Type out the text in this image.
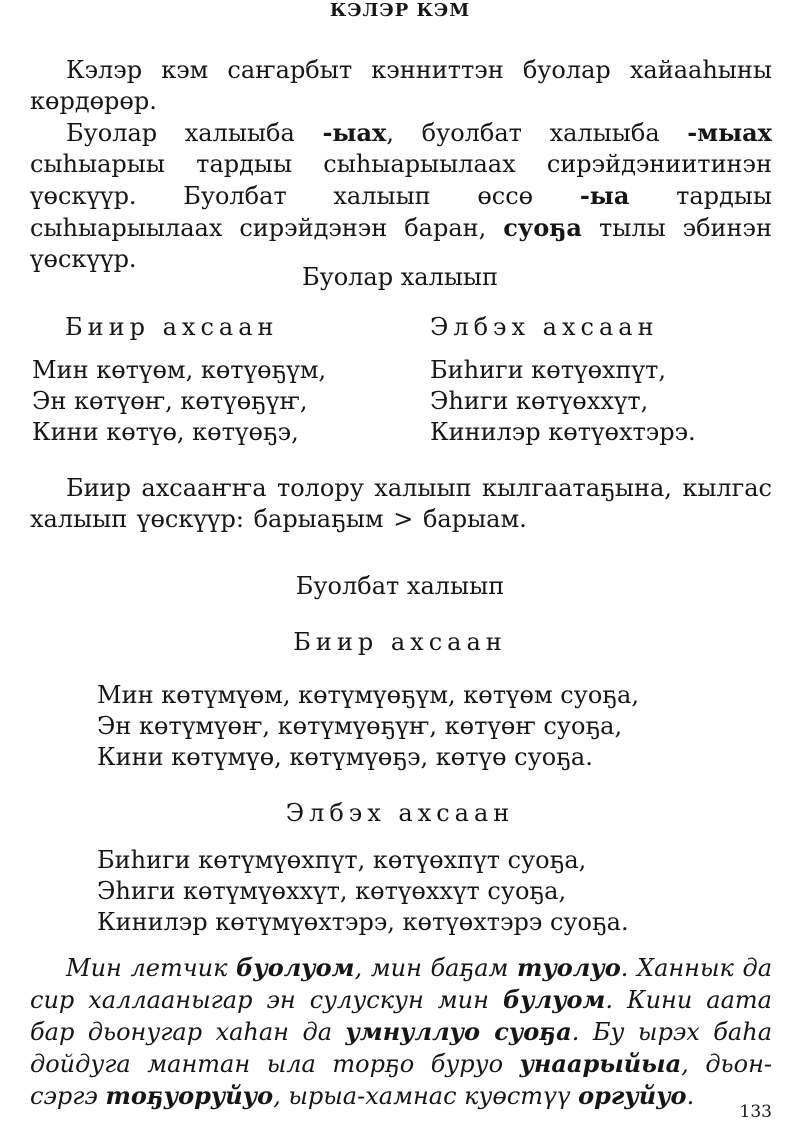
КЭЛЭР КЭМ

Кэлэр кэм саҥарбыт кэнниттэн буолар хайааһыны көрдөрөр.

Буолар халыыба -ыах, буолбат халыыба -мыах сыһыарыы тардыы сыһыарыылаах сирэйдэниитинэн үөскүүр. Буолбат халыып өссө -ыа тардыы сыһыарыылаах сирэйдэнэн баран, суоҕа тылы эбинэн үөскүүр.

Буолар халыып
Биир ахсаан	Элбэх ахсаан
Мин көтүөм, көтүөҕүм,
Эн көтүөҥ, көтүөҕүҥ,
Кини көтүө, көтүөҕэ,
Биһиги көтүөхпүт,
Эһиги көтүөххүт,
Кинилэр көтүөхтэрэ.

Биир ахсааҥҥа толору халыып кылгаатаҕына, кылгас халыып үөскүүр: барыаҕым > барыам.

Буолбат халыып
Биир ахсаан
Мин көтүмүөм, көтүмүөҕүм, көтүөм суоҕа,
Эн көтүмүөҥ, көтүмүөҕүҥ, көтүөҥ суоҕа,
Кини көтүмүө, көтүмүөҕэ, көтүө суоҕа.
Элбэх ахсаан
Биһиги көтүмүөхпүт, көтүөхпүт суоҕа,
Эһиги көтүмүөххүт, көтүөххүт суоҕа,
Кинилэр көтүмүөхтэрэ, көтүөхтэрэ суоҕа.

Мин летчик буолуом, мин баҕам туолуо. Ханнык да сир халлааныгар эн сулускун мин булуом. Кини аата бар дьонугар хаһан да умнуллуо суоҕа. Бу ырэх баһа дойдуга мантан ыла торҕо буруо унаарыйыа, дьон-сэргэ тоҕуоруйуо, ырыа-хамнас куөстүү оргуйуо.

133
